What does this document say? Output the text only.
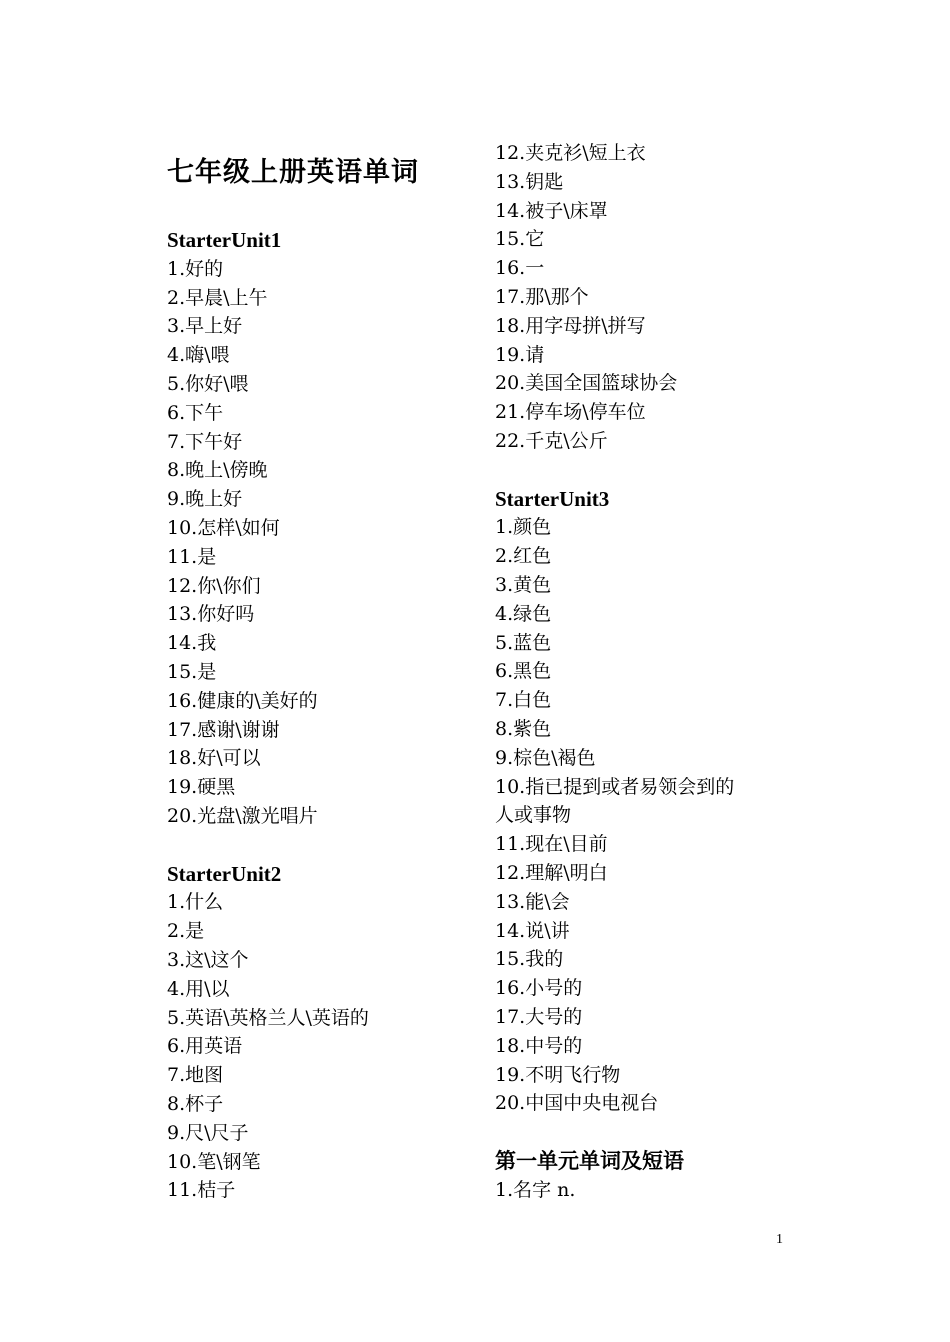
七年级上册英语单词
StarterUnit1
1.好的
2.早晨\上午
3.早上好
4.嗨\喂
5.你好\喂
6.下午
7.下午好
8.晚上\傍晚
9.晚上好
10.怎样\如何
11.是
12.你\你们
13.你好吗
14.我
15.是
16.健康的\美好的
17.感谢\谢谢
18.好\可以
19.硬黑
20.光盘\激光唱片
StarterUnit2
1.什么
2.是
3.这\这个
4.用\以
5.英语\英格兰人\英语的
6.用英语
7.地图
8.杯子
9.尺\尺子
10.笔\钢笔
11.桔子
12.夹克衫\短上衣
13.钥匙
14.被子\床罩
15.它
16.一
17.那\那个
18.用字母拼\拼写
19.请
20.美国全国篮球协会
21.停车场\停车位
22.千克\公斤
StarterUnit3
1.颜色
2.红色
3.黄色
4.绿色
5.蓝色
6.黑色
7.白色
8.紫色
9.棕色\褐色
10.指已提到或者易领会到的
人或事物
11.现在\目前
12.理解\明白
13.能\会
14.说\讲
15.我的
16.小号的
17.大号的
18.中号的
19.不明飞行物
20.中国中央电视台
第一单元单词及短语
1.名字 n.
1
